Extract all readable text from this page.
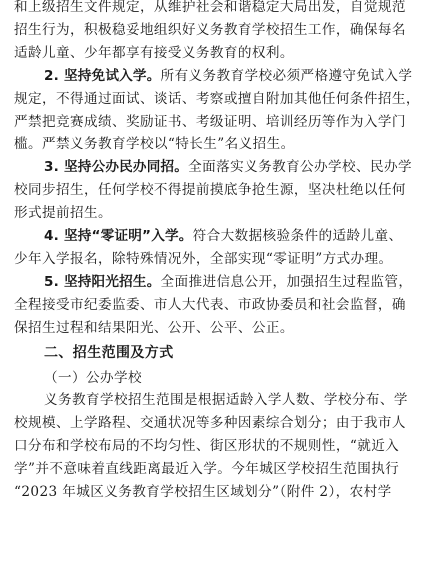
和上级招生文件规定，从维护社会和谐稳定大局出发，自觉规范
招生行为，积极稳妥地组织好义务教育学校招生工作，确保每名
适龄儿童、少年都享有接受义务教育的权利。
2. 坚持免试入学。所有义务教育学校必须严格遵守免试入学
规定，不得通过面试、谈话、考察或擅自附加其他任何条件招生，
严禁把竞赛成绩、奖励证书、考级证明、培训经历等作为入学门
槛。严禁义务教育学校以“特长生”名义招生。
3. 坚持公办民办同招。全面落实义务教育公办学校、民办学
校同步招生，任何学校不得提前摸底争抢生源，坚决杜绝以任何
形式提前招生。
4. 坚持“零证明”入学。符合大数据核验条件的适龄儿童、
少年入学报名，除特殊情况外，全部实现“零证明”方式办理。
5. 坚持阳光招生。全面推进信息公开，加强招生过程监管，
全程接受市纪委监委、市人大代表、市政协委员和社会监督，确
保招生过程和结果阳光、公开、公平、公正。
二、招生范围及方式
（一）公办学校
义务教育学校招生范围是根据适龄入学人数、学校分布、学
校规模、上学路程、交通状况等多种因素综合划分；由于我市人
口分布和学校布局的不均匀性、街区形状的不规则性，“就近入
学”并不意味着直线距离最近入学。今年城区学校招生范围执行
“2023 年城区义务教育学校招生区域划分”（附件 2），农村学
